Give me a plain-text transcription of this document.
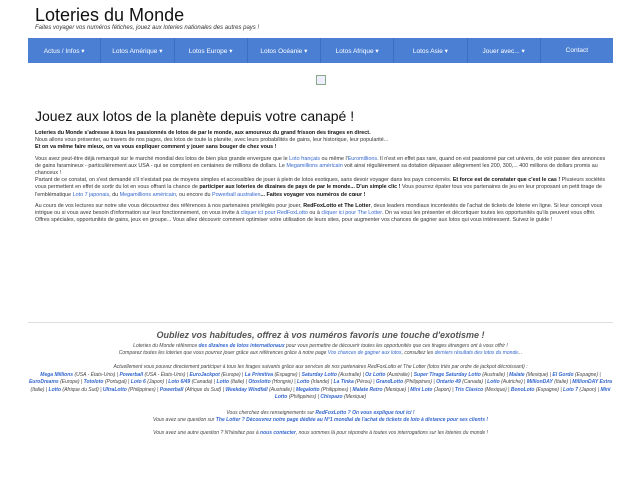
Loteries du Monde
Faites voyager vos numéros fétiches, jouez aux loteries nationales des autres pays !
Actus / Infos ▾	Lotos Amérique ▾	Lotos Europe ▾	Lotos Océanie ▾	Lotos Afrique ▾	Lotos Asie ▾	Jouer avec... ▾	Contact
Jouez aux lotos de la planète depuis votre canapé !

Loteries du Monde s'adresse à tous les passionnés de lotos de par le monde, aux amoureux du grand frisson des tirages en direct.
Nous allons vous présenter, au travers de nos pages, des lotos de toute la planète, avec leurs probabilités de gains, leur historique, leur popularité...
Et on va même faire mieux, on va vous expliquer comment y jouer sans bouger de chez vous !

Vous avez peut-être déjà remarqué sur le marché mondial des lotos de bien plus grande envergure que le Loto français ou même l'Euromillions. Il n'est en effet pas rare, quand on est passionné par cet univers, de voir passer des annonces de gains faramineux - particulièrement aux USA - qui se comptent en centaines de millions de dollars. Le Megamillions américain voit ainsi régulièrement sa dotation dépasser allègrement les 200, 300,... 400 millions de dollars promis au chanceux !
Partant de ce constat, on s'est demandé s'il n'existait pas de moyens simples et accessibles de jouer à plein de lotos exotiques, sans devoir voyager dans les pays concernés. Et force est de constater que c'est le cas ! Plusieurs sociétés vous permettent en effet de sortir du lot en vous offrant la chance de participer aux loteries de dizaines de pays de par le monde... D'un simple clic ! Vous pourrez épater tous vos partenaires de jeu en leur proposant un petit tirage de l'emblématique Loto 7 japonais, du Megamillions américain, ou encore du Powerball australien... Faites voyager vos numéros de cœur !

Au cours de vos lectures sur notre site vous découvrirez des références à nos partenaires privilégiés pour jouer, RedFoxLotto et The Lotter, deux leaders mondiaux incontestés de l'achat de tickets de loterie en ligne. Si leur concept vous intrigue ou si vous avez besoin d'information sur leur fonctionnement, on vous invite à cliquer ici pour RedFoxLotto ou à cliquer ici pour The Lotter. On va vous les présenter et décortiquer toutes les opportunités qu'ils peuvent vous offrir. Offres spéciales, opportunités de gains, jeux en groupe... Vous allez découvrir comment optimiser votre utilisation de leurs sites, pour augmenter vos chances de gagner aux lotos qui vous intéressent. Suivez le guide !

Oubliez vos habitudes, offrez à vos numéros favoris une touche d'exotisme !
Loteries du Monde référence des dizaines de lotos internationaux pour vous permettre de découvrir toutes les opportunités que ces tirages étrangers ont à vous offrir !
Comparez toutes les loteries que vous pourrez jouer grâce aux références grâce à notre page Vos chances de gagner aux lotos, consultez les derniers résultats des lotos du monde...
Actuellement vous pouvez directement participer à tous les tirages suivants grâce aux services de nos partenaires RedFoxLotto et The Lotter (lotos triés par ordre de jackpot décroissant) :
Mega Millions (USA - États-Unis) | Powerball (USA - États-Unis) | EuroJackpot (Europe) | La Primitiva (Espagne) | Saturday Lotto (Australie) | Oz Lotto (Australie) | Super Tirage Saturday Lotto (Australie) | Malate (Mexique) | El Gordo (Espagne) | EuroDreams (Europe) | Totoloto (Portugal) | Loto 6 (Japon) | Loto 6/49 (Canada) | Lotto (Italie) | Otoslotto (Hongrie) | Lotto (Irlande) | La Tinka (Pérou) | GrandLotto (Philippines) | Ontario 49 (Canada) | Lotto (Autriche) | MillionDAY (Italie) | MillionDAY Extra (Italie) | Lotto (Afrique du Sud) | UltraLotto (Philippines) | Powerball (Afrique du Sud) | Weekday Windfall (Australie) | Megalotto (Philippines) | Malate Retro (Mexique) | Mini Loto (Japon) | Tris Clasico (Mexique) | BonoLoto (Espagne) | Loto 7 (Japon) | Mini Lotto (Philippines) | Chispazo (Mexique)
Vous cherchez des renseignements sur RedFoxLotto ? On vous explique tout ici !
Vous avez une question sur The Lotter ? Découvrez notre page dédiée au N°1 mondial de l'achat de tickets de loto à distance pour ses clients !
Vous avez une autre question ? N'hésitez pas à nous contacter, nous sommes là pour répondre à toutes vos interrogations sur les loteries du monde !
